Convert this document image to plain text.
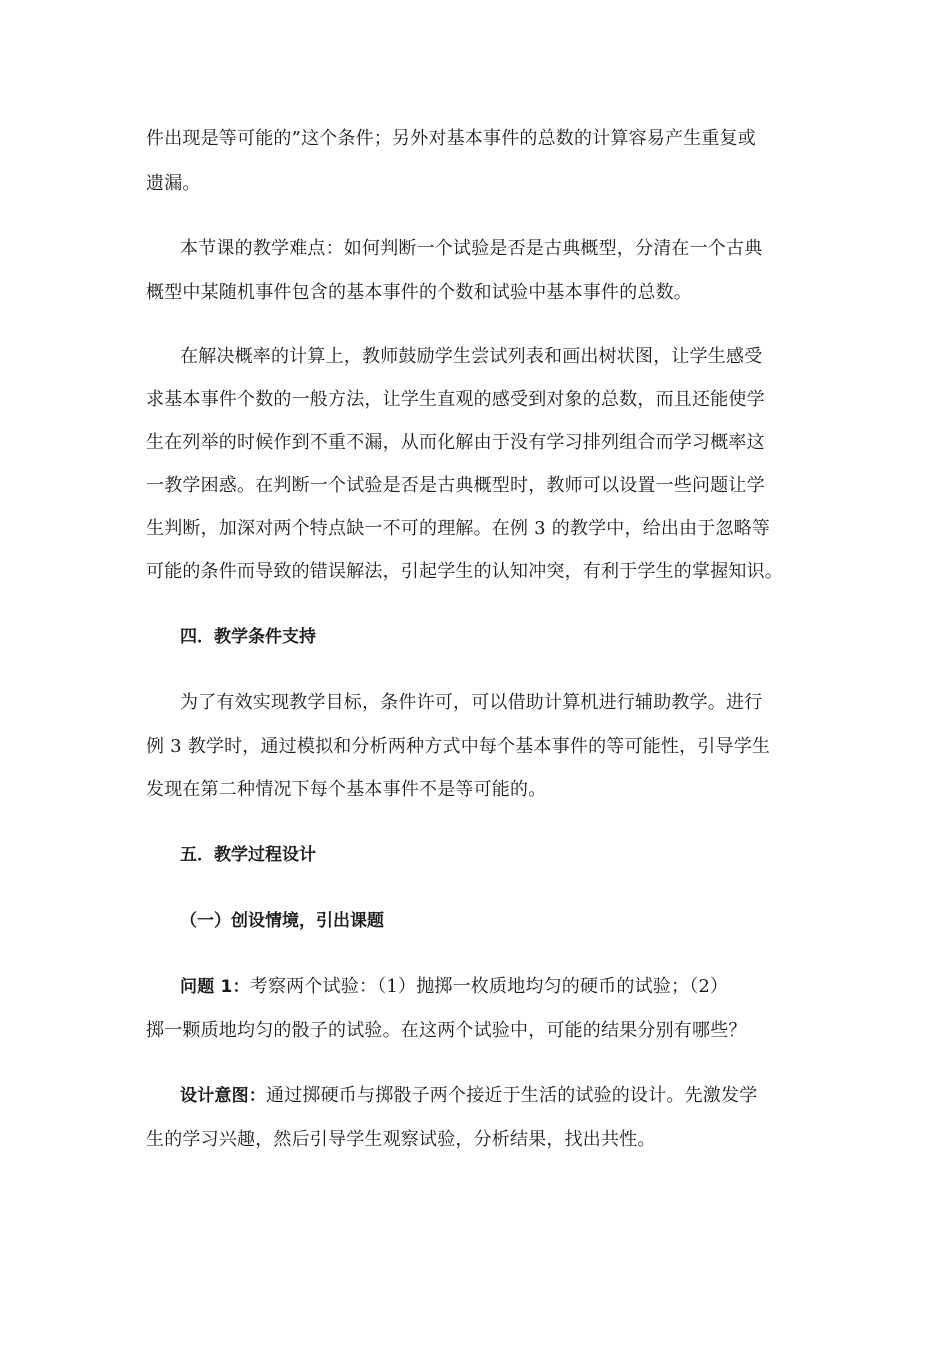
件出现是等可能的”这个条件；另外对基本事件的总数的计算容易产生重复或
遗漏。
本节课的教学难点：如何判断一个试验是否是古典概型，分清在一个古典
概型中某随机事件包含的基本事件的个数和试验中基本事件的总数。
在解决概率的计算上，教师鼓励学生尝试列表和画出树状图，让学生感受
求基本事件个数的一般方法，让学生直观的感受到对象的总数，而且还能使学
生在列举的时候作到不重不漏，从而化解由于没有学习排列组合而学习概率这
一教学困惑。在判断一个试验是否是古典概型时，教师可以设置一些问题让学
生判断，加深对两个特点缺一不可的理解。在例 3 的教学中，给出由于忽略等
可能的条件而导致的错误解法，引起学生的认知冲突，有利于学生的掌握知识。
四．教学条件支持
为了有效实现教学目标，条件许可，可以借助计算机进行辅助教学。进行
例 3 教学时，通过模拟和分析两种方式中每个基本事件的等可能性，引导学生
发现在第二种情况下每个基本事件不是等可能的。
五．教学过程设计
（一）创设情境，引出课题
问题 1：考察两个试验：（1）抛掷一枚质地均匀的硬币的试验；（2）
掷一颗质地均匀的骰子的试验。在这两个试验中，可能的结果分别有哪些？
设计意图：通过掷硬币与掷骰子两个接近于生活的试验的设计。先激发学
生的学习兴趣，然后引导学生观察试验，分析结果，找出共性。
